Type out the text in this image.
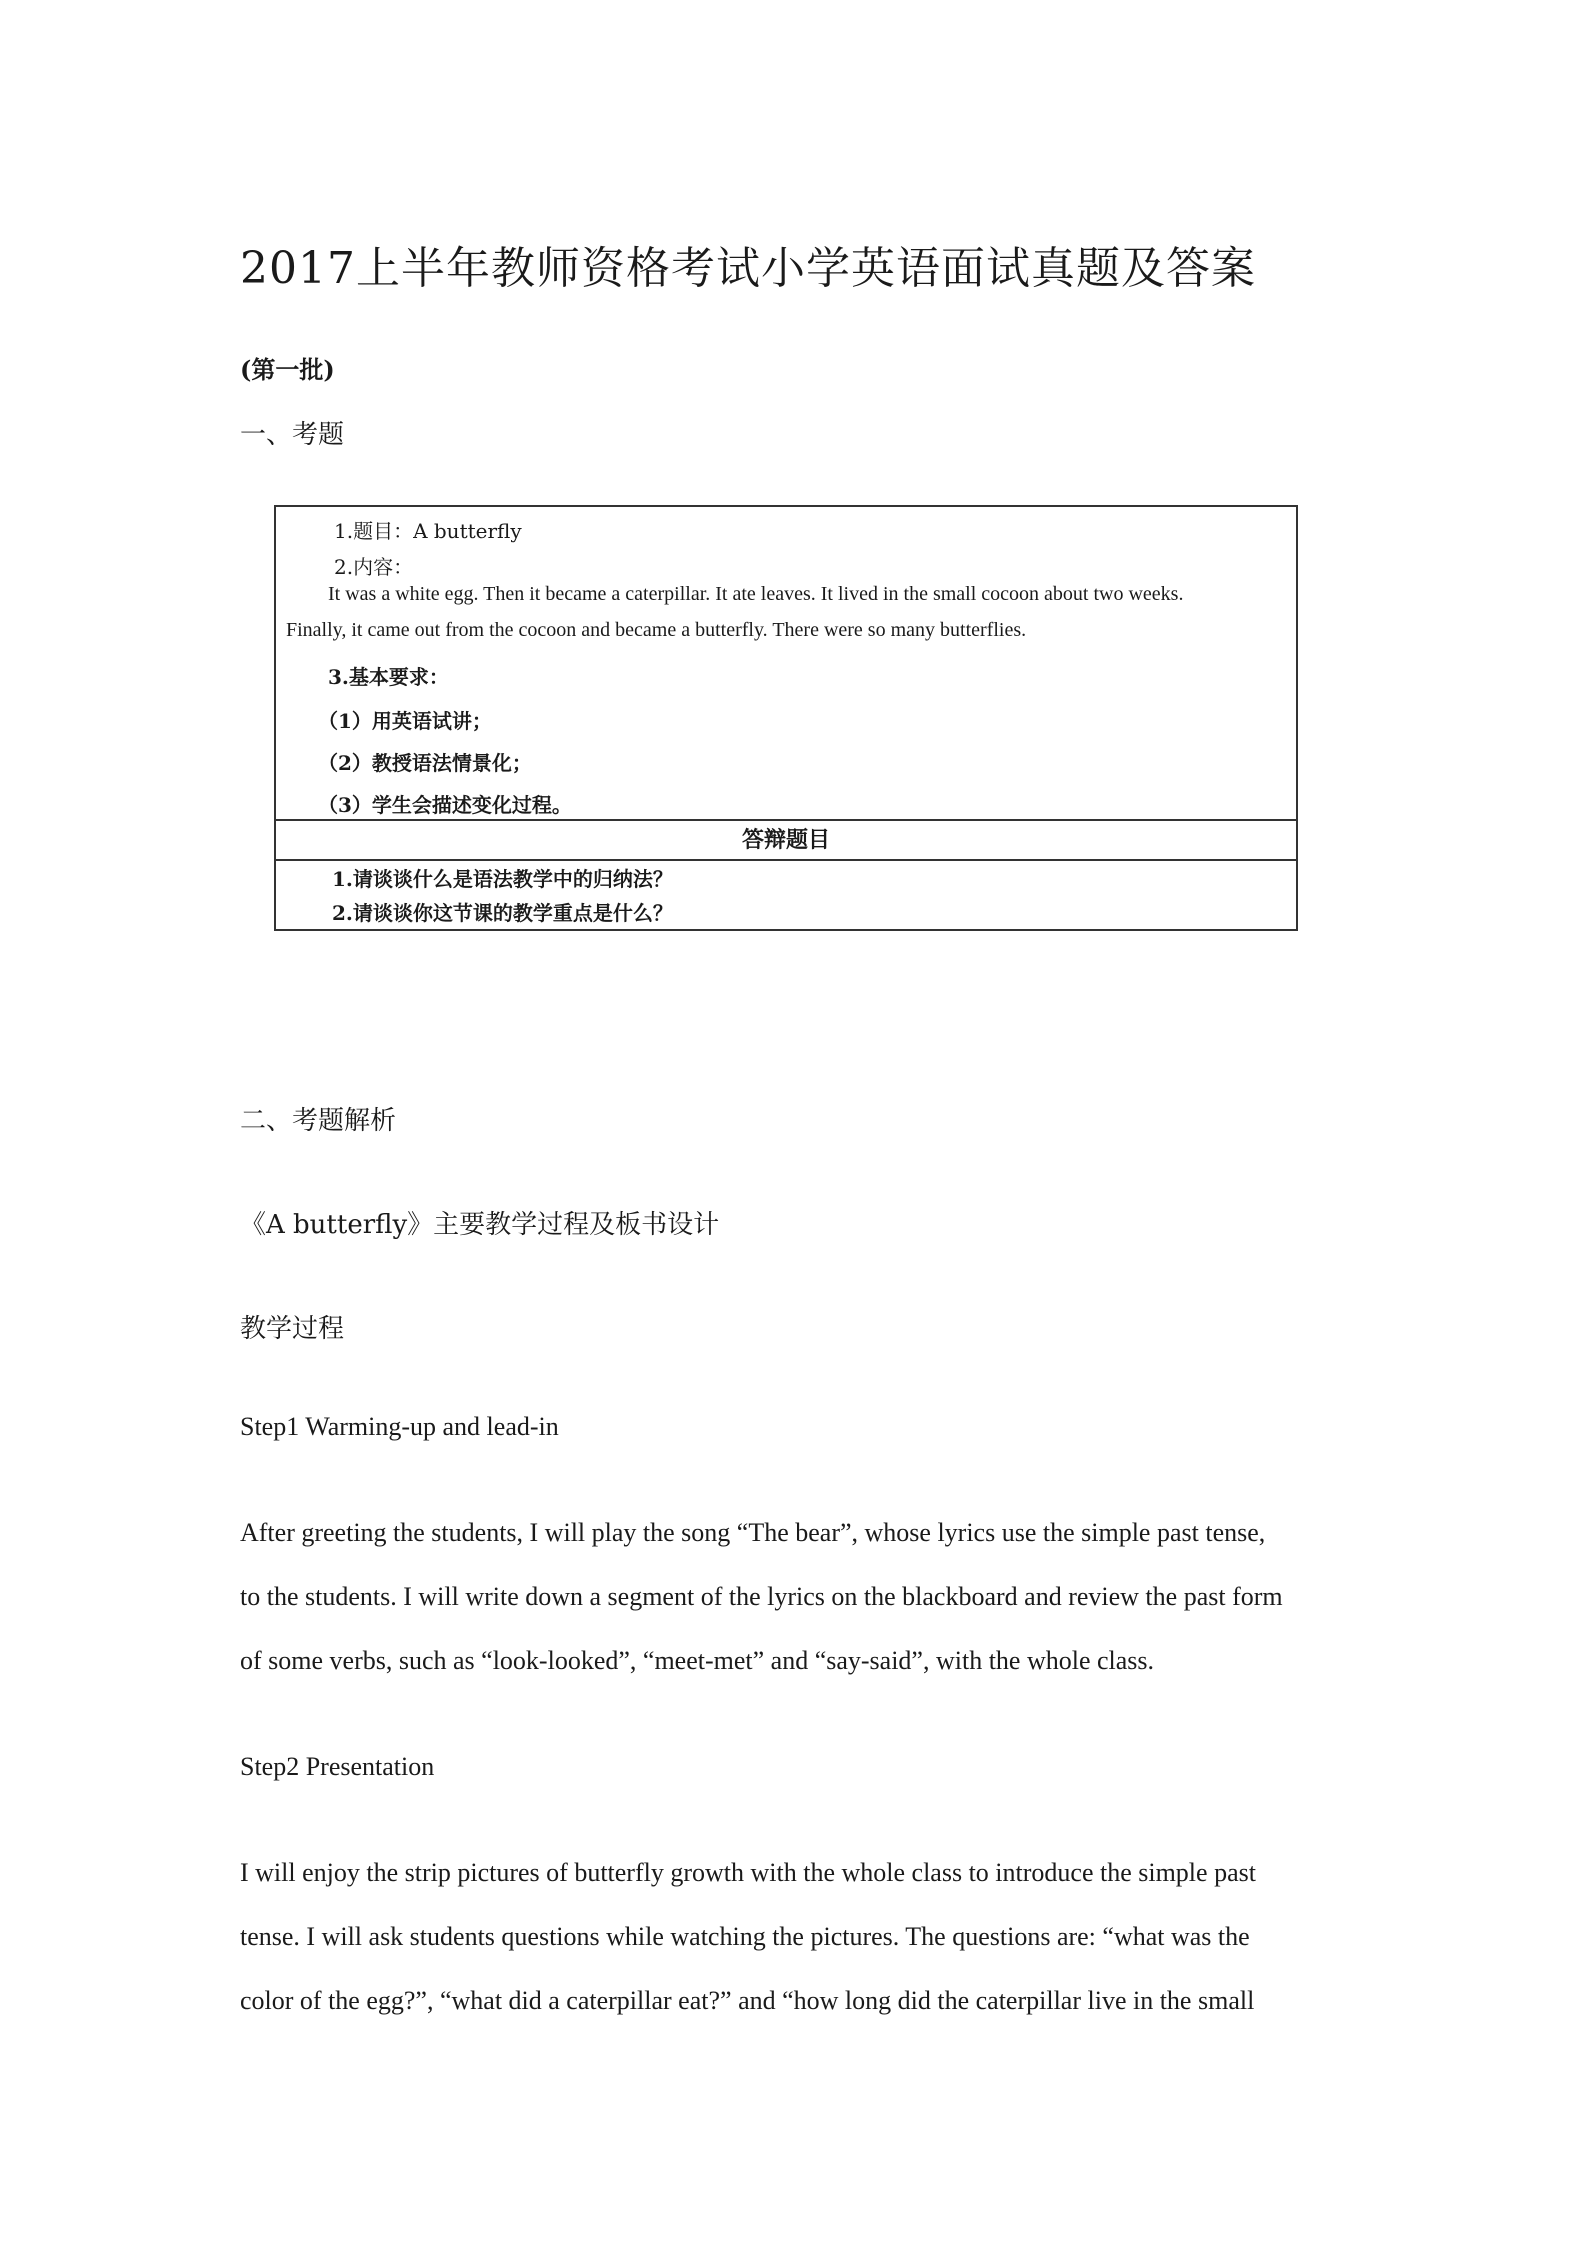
2017上半年教师资格考试小学英语面试真题及答案
(第一批)
一、考题
1.题目：A butterfly
2.内容：
It was a white egg. Then it became a caterpillar. It ate leaves. It lived in the small cocoon about two weeks.
Finally, it came out from the cocoon and became a butterfly. There were so many butterflies.
3.基本要求：
（1）用英语试讲；
（2）教授语法情景化；
（3）学生会描述变化过程。
答辩题目
1.请谈谈什么是语法教学中的归纳法？
2.请谈谈你这节课的教学重点是什么？
二、考题解析
《A butterfly》主要教学过程及板书设计
教学过程
Step1 Warming-up and lead-in
After greeting the students, I will play the song “The bear”, whose lyrics use the simple past tense,
to the students. I will write down a segment of the lyrics on the blackboard and review the past form
of some verbs, such as “look-looked”, “meet-met” and “say-said”, with the whole class.
Step2 Presentation
I will enjoy the strip pictures of butterfly growth with the whole class to introduce the simple past
tense. I will ask students questions while watching the pictures. The questions are: “what was the
color of the egg?”, “what did a caterpillar eat?” and “how long did the caterpillar live in the small
